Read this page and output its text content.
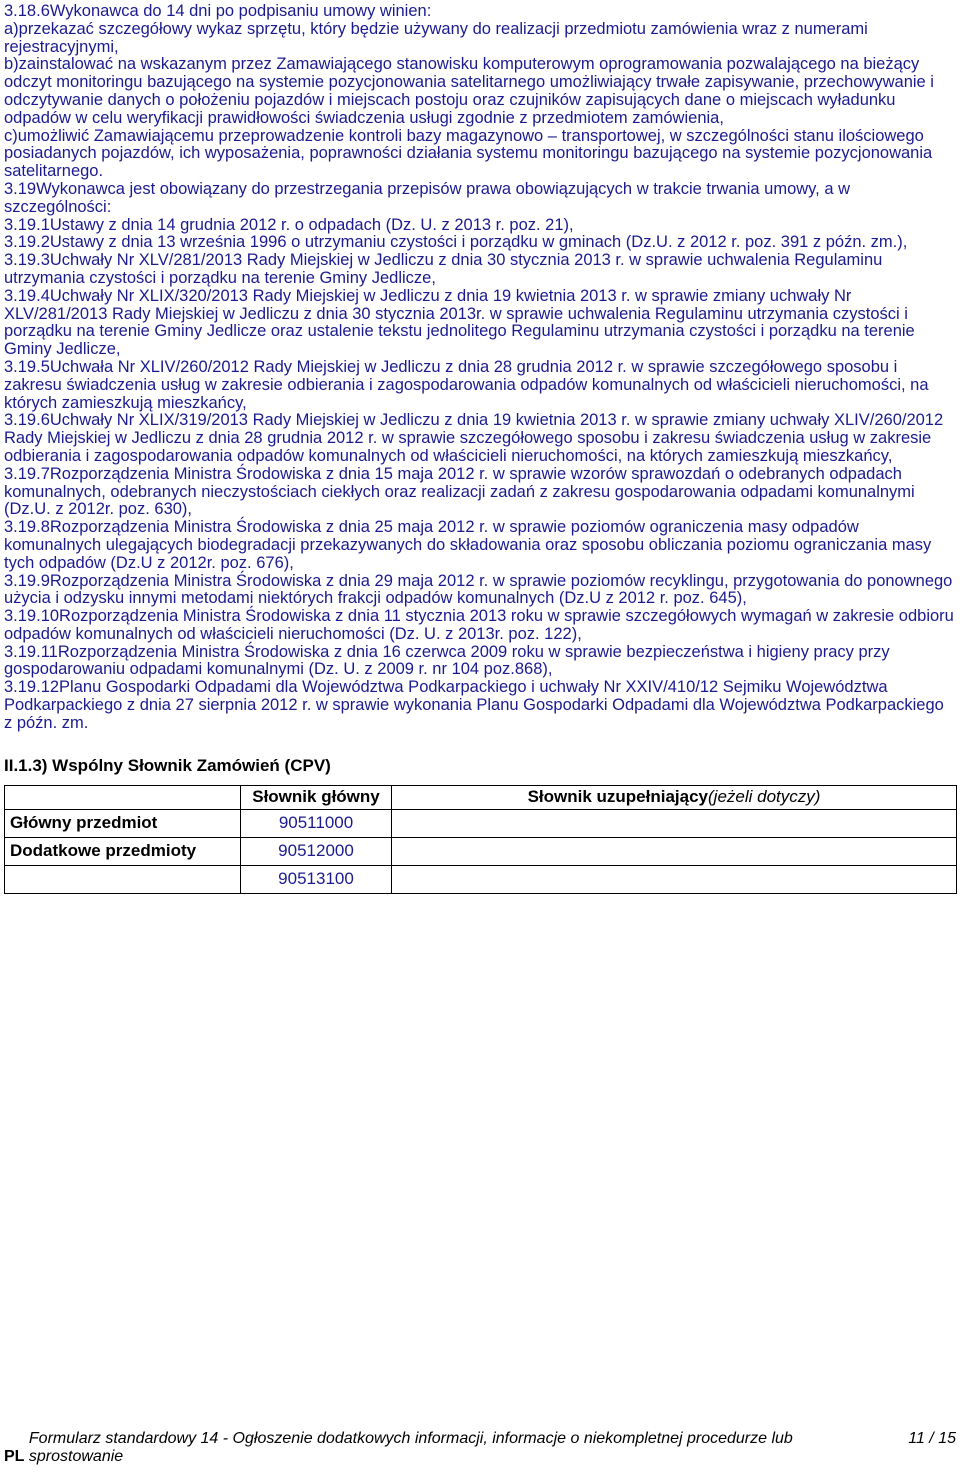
3.18.6Wykonawca do 14 dni po podpisaniu umowy winien:

a)przekazać szczegółowy wykaz sprzętu, który będzie używany do realizacji przedmiotu zamówienia wraz z numerami rejestracyjnymi,

b)zainstalować na wskazanym przez Zamawiającego stanowisku komputerowym oprogramowania pozwalającego na bieżący odczyt monitoringu bazującego na systemie pozycjonowania satelitarnego umożliwiający trwałe zapisywanie, przechowywanie i odczytywanie danych o położeniu pojazdów i miejscach postoju oraz czujników zapisujących dane o miejscach wyładunku odpadów w celu weryfikacji prawidłowości świadczenia usługi zgodnie z przedmiotem zamówienia,

c)umożliwić Zamawiającemu przeprowadzenie kontroli bazy magazynowo – transportowej, w szczególności stanu ilościowego posiadanych pojazdów, ich wyposażenia, poprawności działania systemu monitoringu bazującego na systemie pozycjonowania satelitarnego.

3.19Wykonawca jest obowiązany do przestrzegania przepisów prawa obowiązujących w trakcie trwania umowy, a w szczególności:

3.19.1Ustawy z dnia 14 grudnia 2012 r. o odpadach (Dz. U. z 2013 r. poz. 21),

3.19.2Ustawy z dnia 13 września 1996 o utrzymaniu czystości i porządku w gminach (Dz.U. z 2012 r. poz. 391 z późn. zm.),

3.19.3Uchwały Nr XLV/281/2013 Rady Miejskiej w Jedliczu z dnia 30 stycznia 2013 r. w sprawie uchwalenia Regulaminu utrzymania czystości i porządku na terenie Gminy Jedlicze,

3.19.4Uchwały Nr XLIX/320/2013 Rady Miejskiej w Jedliczu z dnia 19 kwietnia 2013 r. w sprawie zmiany uchwały Nr XLV/281/2013 Rady Miejskiej w Jedliczu z dnia 30 stycznia 2013r. w sprawie uchwalenia Regulaminu utrzymania czystości i porządku na terenie Gminy Jedlicze oraz ustalenie tekstu jednolitego Regulaminu utrzymania czystości i porządku na terenie Gminy Jedlicze,

3.19.5Uchwała Nr XLIV/260/2012 Rady Miejskiej w Jedliczu z dnia 28 grudnia 2012 r. w sprawie szczegółowego sposobu i zakresu świadczenia usług w zakresie odbierania i zagospodarowania odpadów komunalnych od właścicieli nieruchomości, na których zamieszkują mieszkańcy,

3.19.6Uchwały Nr XLIX/319/2013 Rady Miejskiej w Jedliczu z dnia 19 kwietnia 2013 r. w sprawie zmiany uchwały XLIV/260/2012 Rady Miejskiej w Jedliczu z dnia 28 grudnia 2012 r. w sprawie szczegółowego sposobu i zakresu świadczenia usług w zakresie odbierania i zagospodarowania odpadów komunalnych od właścicieli nieruchomości, na których zamieszkują mieszkańcy,

3.19.7Rozporządzenia Ministra Środowiska z dnia 15 maja 2012 r. w sprawie wzorów sprawozdań o odebranych odpadach komunalnych, odebranych nieczystościach ciekłych oraz realizacji zadań z zakresu gospodarowania odpadami komunalnymi (Dz.U. z 2012r. poz. 630),

3.19.8Rozporządzenia Ministra Środowiska z dnia 25 maja 2012 r. w sprawie poziomów ograniczenia masy odpadów komunalnych ulegających biodegradacji przekazywanych do składowania oraz sposobu obliczania poziomu ograniczania masy tych odpadów (Dz.U z 2012r. poz. 676),

3.19.9Rozporządzenia Ministra Środowiska z dnia 29 maja 2012 r. w sprawie poziomów recyklingu, przygotowania do ponownego użycia i odzysku innymi metodami niektórych frakcji odpadów komunalnych (Dz.U z 2012 r. poz. 645),

3.19.10Rozporządzenia Ministra Środowiska z dnia 11 stycznia 2013 roku w sprawie szczegółowych wymagań w zakresie odbioru odpadów komunalnych od właścicieli nieruchomości (Dz. U. z 2013r. poz. 122),

3.19.11Rozporządzenia Ministra Środowiska z dnia 16 czerwca 2009 roku w sprawie bezpieczeństwa i higieny pracy przy gospodarowaniu odpadami komunalnymi (Dz. U. z 2009 r. nr 104 poz.868),

3.19.12Planu Gospodarki Odpadami dla Województwa Podkarpackiego i uchwały Nr XXIV/410/12 Sejmiku Województwa Podkarpackiego z dnia 27 sierpnia 2012 r. w sprawie wykonania Planu Gospodarki Odpadami dla Województwa Podkarpackiego z późn. zm.

II.1.3) Wspólny Słownik Zamówień (CPV)
	Słownik główny	Słownik uzupełniający(jeżeli dotyczy)
Główny przedmiot	90511000	
Dodatkowe przedmioty	90512000	
	90513100	
PL Formularz standardowy 14 - Ogłoszenie dodatkowych informacji, informacje o niekompletnej procedurze lub sprostowanie
11 / 15
